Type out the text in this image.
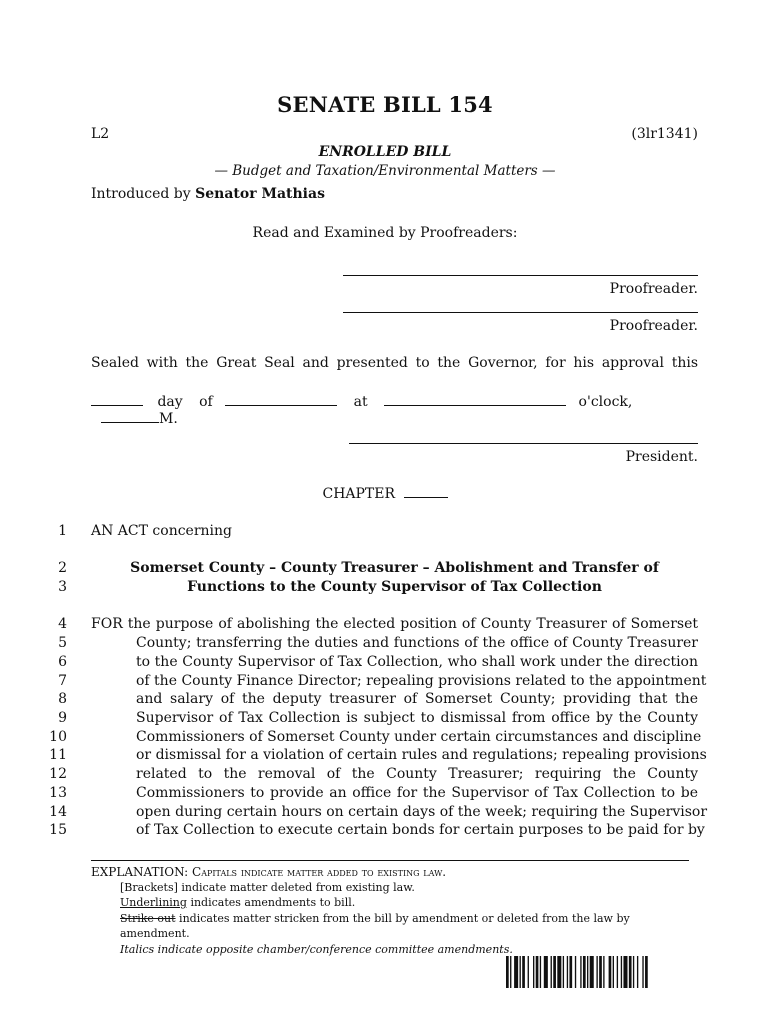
SENATE BILL 154
L2	(3lr1341)
ENROLLED BILL
— Budget and Taxation/Environmental Matters —
Introduced by Senator Mathias
Read and Examined by Proofreaders:
Proofreader.
Proofreader.
Sealed with the Great Seal and presented to the Governor, for his approval this
day of	at	o'clock, M.
President.
CHAPTER
1 AN ACT concerning
2	Somerset County – County Treasurer – Abolishment and Transfer of
3	Functions to the County Supervisor of Tax Collection
4 FOR the purpose of abolishing the elected position of County Treasurer of Somerset
5	County; transferring the duties and functions of the office of County Treasurer
6	to the County Supervisor of Tax Collection, who shall work under the direction
7	of the County Finance Director; repealing provisions related to the appointment
8	and salary of the deputy treasurer of Somerset County; providing that the
9	Supervisor of Tax Collection is subject to dismissal from office by the County
10	Commissioners of Somerset County under certain circumstances and discipline
11	or dismissal for a violation of certain rules and regulations; repealing provisions
12	related to the removal of the County Treasurer; requiring the County
13	Commissioners to provide an office for the Supervisor of Tax Collection to be
14	open during certain hours on certain days of the week; requiring the Supervisor
15	of Tax Collection to execute certain bonds for certain purposes to be paid for by
EXPLANATION: Capitals indicate matter added to existing law.
[Brackets] indicate matter deleted from existing law.
Underlining indicates amendments to bill.
Strike out indicates matter stricken from the bill by amendment or deleted from the law by
amendment.
Italics indicate opposite chamber/conference committee amendments.
